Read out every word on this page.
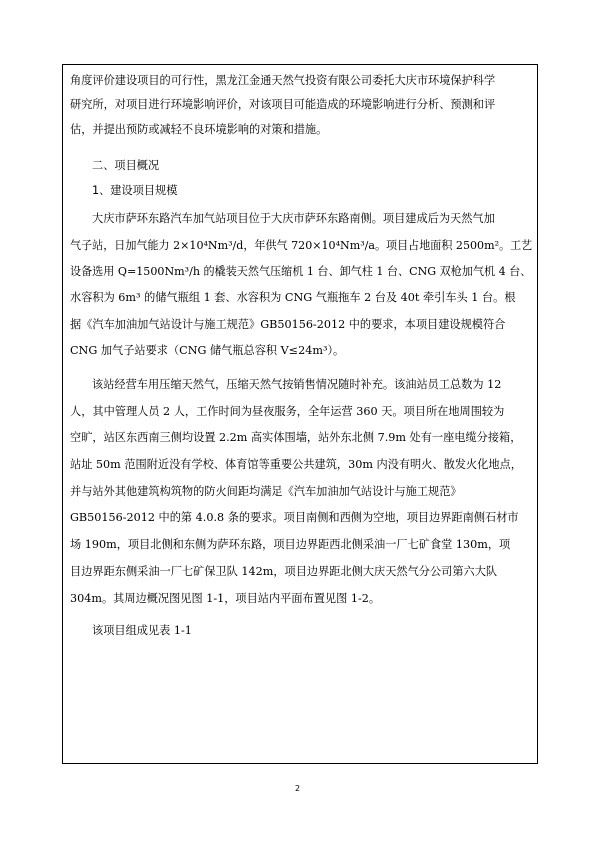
角度评价建设项目的可行性，黑龙江金通天然气投资有限公司委托大庆市环境保护科学
研究所，对项目进行环境影响评价，对该项目可能造成的环境影响进行分析、预测和评
估，并提出预防或减轻不良环境影响的对策和措施。
二、项目概况
1、建设项目规模
大庆市萨环东路汽车加气站项目位于大庆市萨环东路南侧。项目建成后为天然气加
气子站，日加气能力 2×10⁴Nm³/d，年供气 720×10⁴Nm³/a。项目占地面积 2500m²。工艺
设备选用 Q=1500Nm³/h 的橇装天然气压缩机 1 台、卸气柱 1 台、CNG 双枪加气机 4 台、
水容积为 6m³ 的储气瓶组 1 套、水容积为 CNG 气瓶拖车 2 台及 40t 牵引车头 1 台。根
据《汽车加油加气站设计与施工规范》GB50156-2012 中的要求，本项目建设规模符合
CNG 加气子站要求（CNG 储气瓶总容积 V≤24m³）。
该站经营车用压缩天然气，压缩天然气按销售情况随时补充。该油站员工总数为 12
人，其中管理人员 2 人，工作时间为昼夜服务，全年运营 360 天。项目所在地周围较为
空旷，站区东西南三侧均设置 2.2m 高实体围墙，站外东北侧 7.9m 处有一座电缆分接箱，
站址 50m 范围附近没有学校、体育馆等重要公共建筑，30m 内没有明火、散发火化地点，
并与站外其他建筑构筑物的防火间距均满足《汽车加油加气站设计与施工规范》
GB50156-2012 中的第 4.0.8 条的要求。项目南侧和西侧为空地，项目边界距南侧石材市
场 190m，项目北侧和东侧为萨环东路，项目边界距西北侧采油一厂七矿食堂 130m，项
目边界距东侧采油一厂七矿保卫队 142m，项目边界距北侧大庆天然气分公司第六大队
304m。其周边概况图见图 1-1，项目站内平面布置见图 1-2。
该项目组成见表 1-1
2
